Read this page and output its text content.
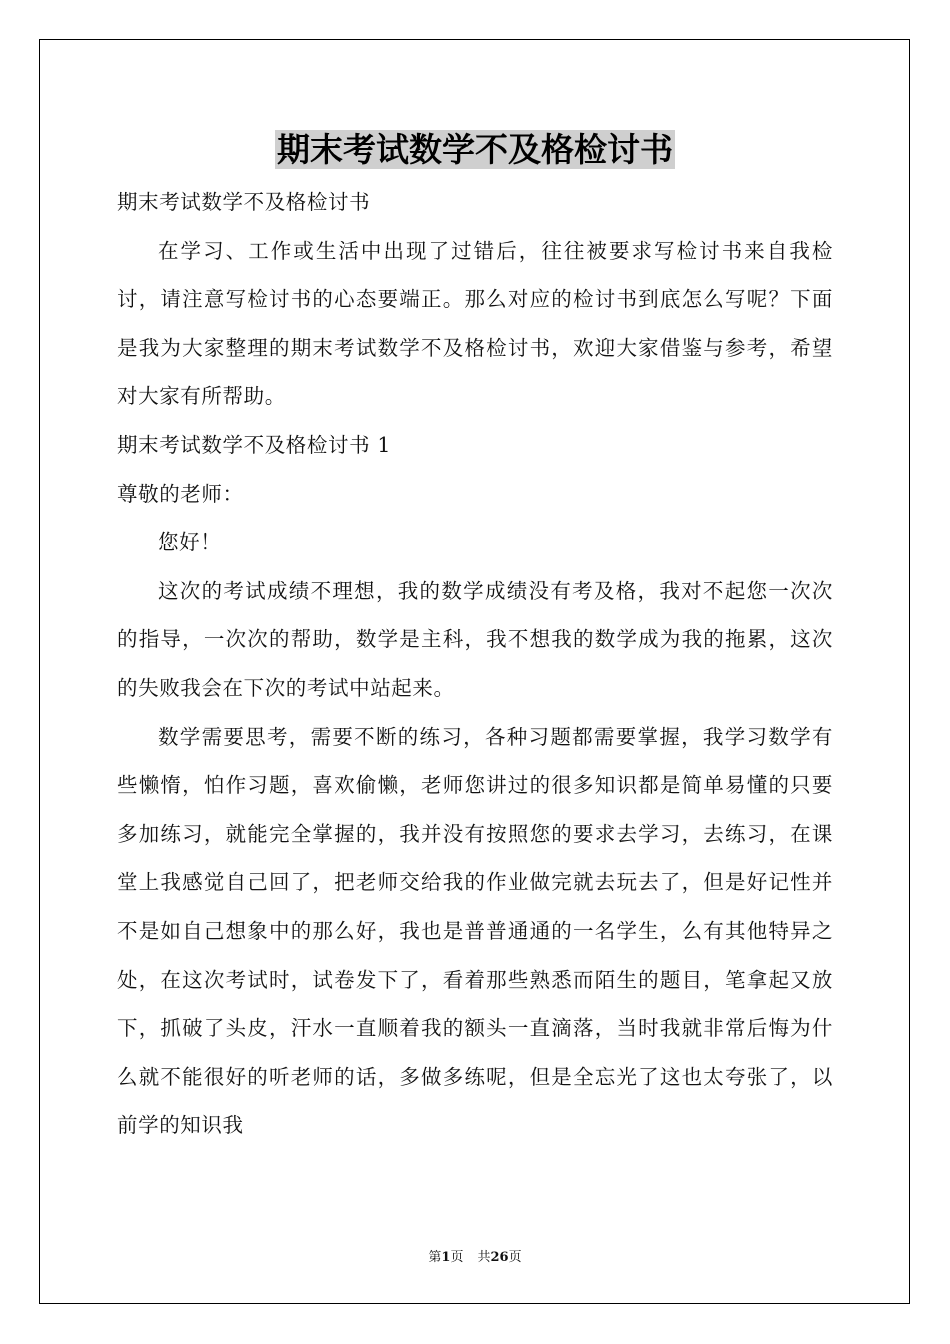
期末考试数学不及格检讨书

期末考试数学不及格检讨书

在学习、工作或生活中出现了过错后，往往被要求写检讨书来自我检讨，请注意写检讨书的心态要端正。那么对应的检讨书到底怎么写呢？下面是我为大家整理的期末考试数学不及格检讨书，欢迎大家借鉴与参考，希望对大家有所帮助。

期末考试数学不及格检讨书 1

尊敬的老师：

您好！

这次的考试成绩不理想，我的数学成绩没有考及格，我对不起您一次次的指导，一次次的帮助，数学是主科，我不想我的数学成为我的拖累，这次的失败我会在下次的考试中站起来。

数学需要思考，需要不断的练习，各种习题都需要掌握，我学习数学有些懒惰，怕作习题，喜欢偷懒，老师您讲过的很多知识都是简单易懂的只要多加练习，就能完全掌握的，我并没有按照您的要求去学习，去练习，在课堂上我感觉自己回了，把老师交给我的作业做完就去玩去了，但是好记性并不是如自己想象中的那么好，我也是普普通通的一名学生，么有其他特异之处，在这次考试时，试卷发下了，看着那些熟悉而陌生的题目，笔拿起又放下，抓破了头皮，汗水一直顺着我的额头一直滴落，当时我就非常后悔为什么就不能很好的听老师的话，多做多练呢，但是全忘光了这也太夸张了，以前学的知识我

第1页 共26页
